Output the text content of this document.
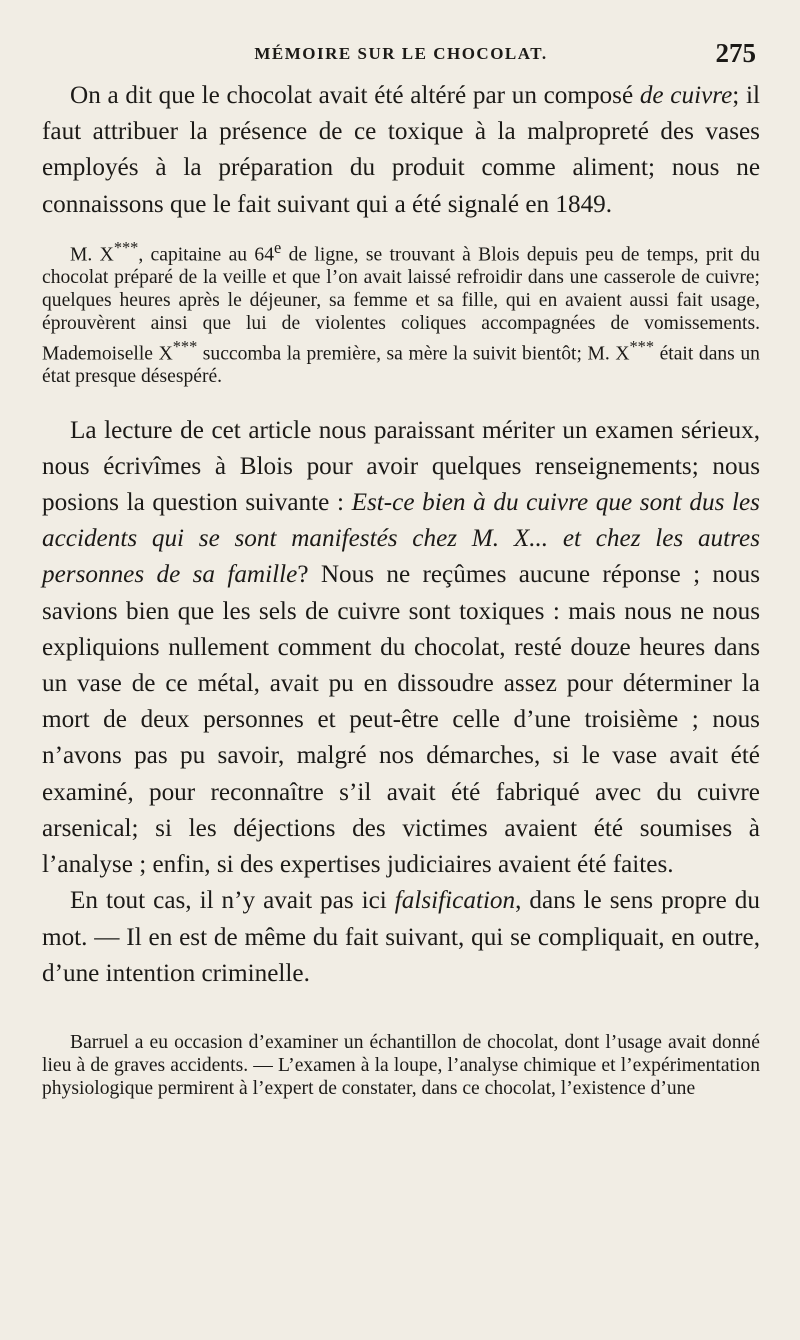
MÉMOIRE SUR LE CHOCOLAT.	275

On a dit que le chocolat avait été altéré par un composé de cuivre; il faut attribuer la présence de ce toxique à la malpropreté des vases employés à la préparation du produit comme aliment; nous ne connaissons que le fait suivant qui a été signalé en 1849.

M. X***, capitaine au 64e de ligne, se trouvant à Blois depuis peu de temps, prit du chocolat préparé de la veille et que l’on avait laissé refroidir dans une casserole de cuivre; quelques heures après le déjeuner, sa femme et sa fille, qui en avaient aussi fait usage, éprouvèrent ainsi que lui de violentes coliques accompagnées de vomissements. Mademoiselle X*** succomba la première, sa mère la suivit bientôt; M. X*** était dans un état presque désespéré.

La lecture de cet article nous paraissant mériter un examen sérieux, nous écrivîmes à Blois pour avoir quelques renseignements; nous posions la question suivante : Est-ce bien à du cuivre que sont dus les accidents qui se sont manifestés chez M. X... et chez les autres personnes de sa famille? Nous ne reçûmes aucune réponse ; nous savions bien que les sels de cuivre sont toxiques : mais nous ne nous expliquions nullement comment du chocolat, resté douze heures dans un vase de ce métal, avait pu en dissoudre assez pour déterminer la mort de deux personnes et peut-être celle d’une troisième ; nous n’avons pas pu savoir, malgré nos démarches, si le vase avait été examiné, pour reconnaître s’il avait été fabriqué avec du cuivre arsenical; si les déjections des victimes avaient été soumises à l’analyse ; enfin, si des expertises judiciaires avaient été faites.

En tout cas, il n’y avait pas ici falsification, dans le sens propre du mot. — Il en est de même du fait suivant, qui se compliquait, en outre, d’une intention criminelle.

Barruel a eu occasion d’examiner un échantillon de chocolat, dont l’usage avait donné lieu à de graves accidents. — L’examen à la loupe, l’analyse chimique et l’expérimentation physiologique permirent à l’expert de constater, dans ce chocolat, l’existence d’une
